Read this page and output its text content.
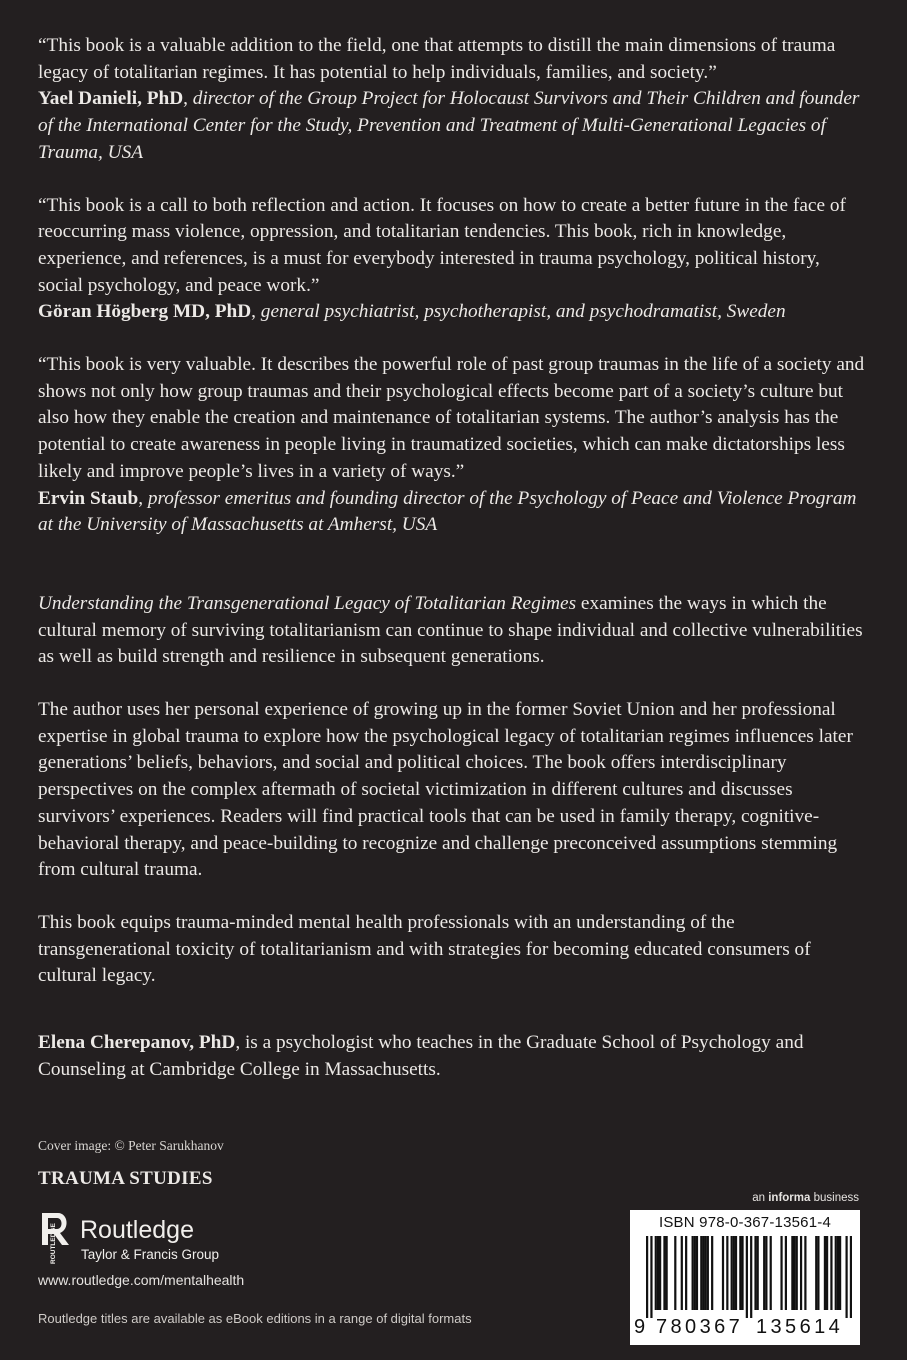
“This book is a valuable addition to the field, one that attempts to distill the main dimensions of trauma legacy of totalitarian regimes. It has potential to help individuals, families, and society.”

Yael Danieli, PhD, director of the Group Project for Holocaust Survivors and Their Children and founder of the International Center for the Study, Prevention and Treatment of Multi-Generational Legacies of Trauma, USA

“This book is a call to both reflection and action. It focuses on how to create a better future in the face of reoccurring mass violence, oppression, and totalitarian tendencies. This book, rich in knowledge, experience, and references, is a must for everybody interested in trauma psychology, political history, social psychology, and peace work.”

Göran Högberg MD, PhD, general psychiatrist, psychotherapist, and psychodramatist, Sweden

“This book is very valuable. It describes the powerful role of past group traumas in the life of a society and shows not only how group traumas and their psychological effects become part of a society’s culture but also how they enable the creation and maintenance of totalitarian systems. The author’s analysis has the potential to create awareness in people living in traumatized societies, which can make dictatorships less likely and improve people’s lives in a variety of ways.”

Ervin Staub, professor emeritus and founding director of the Psychology of Peace and Violence Program at the University of Massachusetts at Amherst, USA

Understanding the Transgenerational Legacy of Totalitarian Regimes examines the ways in which the cultural memory of surviving totalitarianism can continue to shape individual and collective vulnerabilities as well as build strength and resilience in subsequent generations.

The author uses her personal experience of growing up in the former Soviet Union and her professional expertise in global trauma to explore how the psychological legacy of totalitarian regimes influences later generations’ beliefs, behaviors, and social and political choices. The book offers interdisciplinary perspectives on the complex aftermath of societal victimization in different cultures and discusses survivors’ experiences. Readers will find practical tools that can be used in family therapy, cognitive-behavioral therapy, and peace-building to recognize and challenge preconceived assumptions stemming from cultural trauma.

This book equips trauma-minded mental health professionals with an understanding of the transgenerational toxicity of totalitarianism and with strategies for becoming educated consumers of cultural legacy.

Elena Cherepanov, PhD, is a psychologist who teaches in the Graduate School of Psychology and Counseling at Cambridge College in Massachusetts.

Cover image: © Peter Sarukhanov
TRAUMA STUDIES
ROUTLEDGE Routledge
Taylor & Francis Group
www.routledge.com/mentalhealth
Routledge titles are available as eBook editions in a range of digital formats
an informa business
ISBN 978-0-367-13561-4
9 780367 135614
